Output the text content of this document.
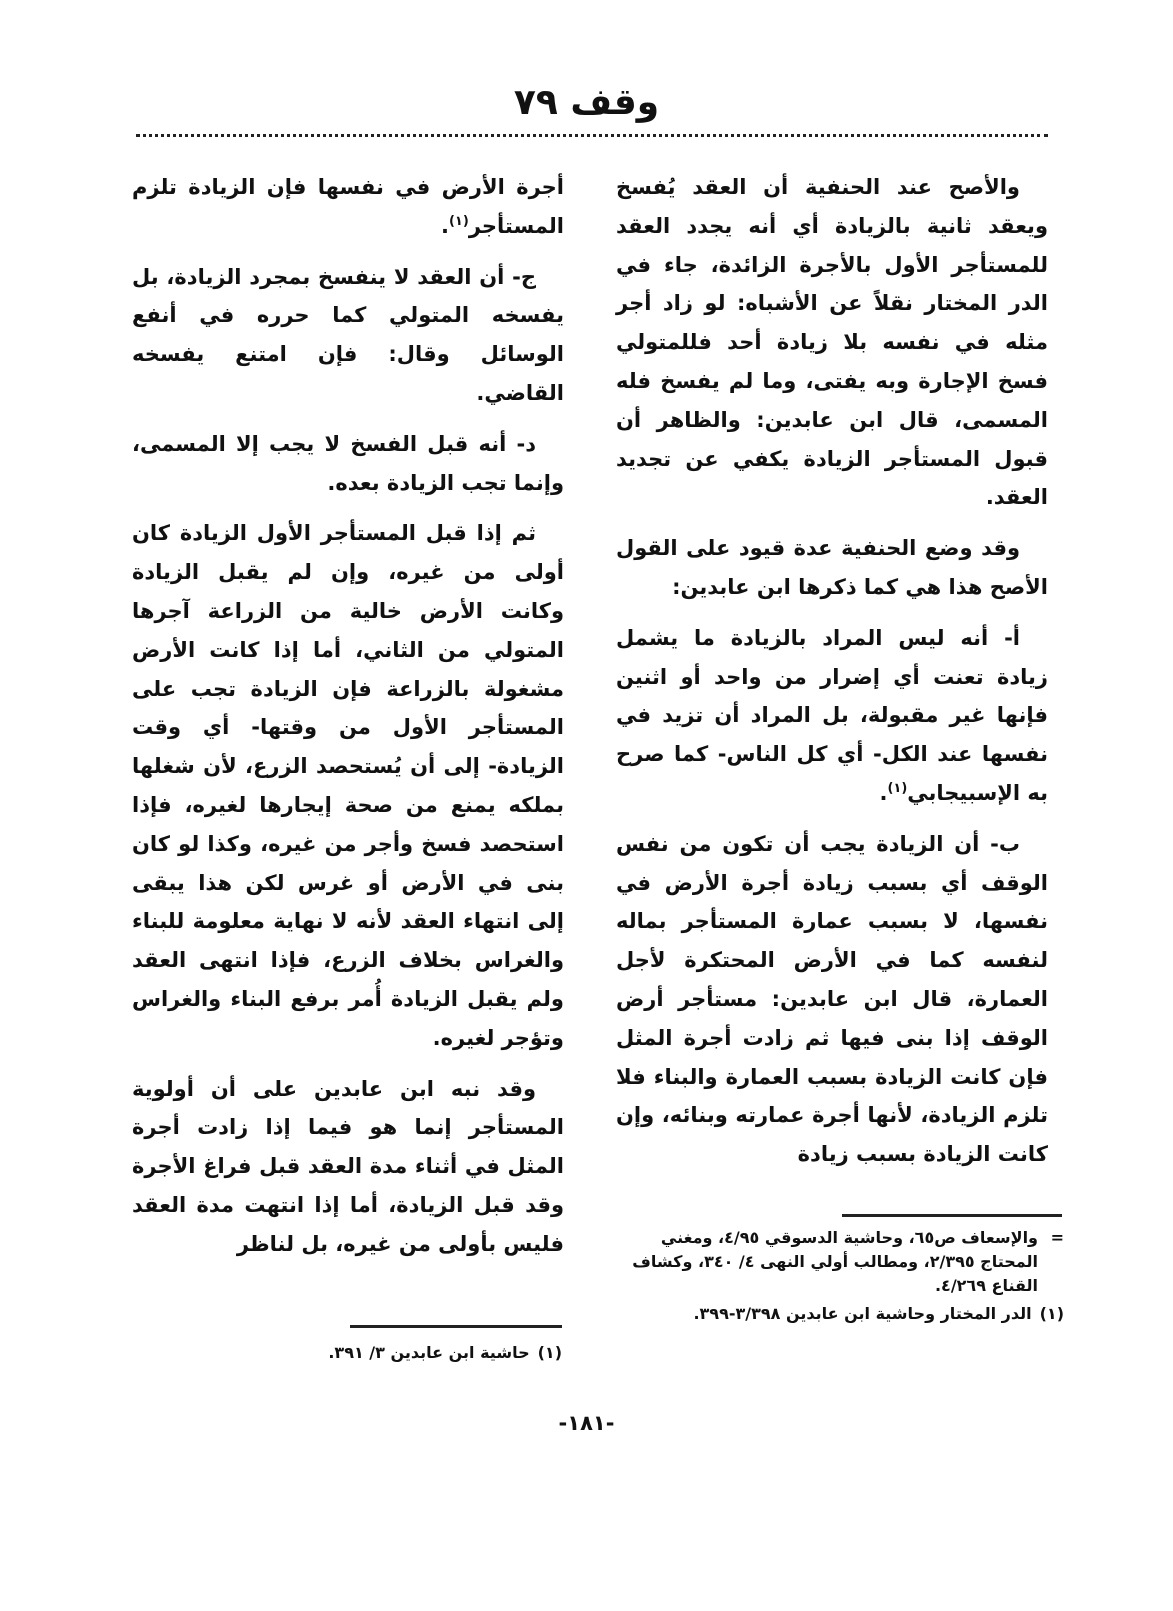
وقف ٧٩

والأصح عند الحنفية أن العقد يُفسخ ويعقد ثانية بالزيادة أي أنه يجدد العقد للمستأجر الأول بالأجرة الزائدة، جاء في الدر المختار نقلاً عن الأشباه: لو زاد أجر مثله في نفسه بلا زيادة أحد فللمتولي فسخ الإجارة وبه يفتى، وما لم يفسخ فله المسمى، قال ابن عابدين: والظاهر أن قبول المستأجر الزيادة يكفي عن تجديد العقد.

وقد وضع الحنفية عدة قيود على القول الأصح هذا هي كما ذكرها ابن عابدين:

أ- أنه ليس المراد بالزيادة ما يشمل زيادة تعنت أي إضرار من واحد أو اثنين فإنها غير مقبولة، بل المراد أن تزيد في نفسها عند الكل- أي كل الناس- كما صرح به الإسبيجابي$^{(١)}$.

ب- أن الزيادة يجب أن تكون من نفس الوقف أي بسبب زيادة أجرة الأرض في نفسها، لا بسبب عمارة المستأجر بماله لنفسه كما في الأرض المحتكرة لأجل العمارة، قال ابن عابدين: مستأجر أرض الوقف إذا بنى فيها ثم زادت أجرة المثل فإن كانت الزيادة بسبب العمارة والبناء فلا تلزم الزيادة، لأنها أجرة عمارته وبنائه، وإن كانت الزيادة بسبب زيادة

أجرة الأرض في نفسها فإن الزيادة تلزم المستأجر$^{(١)}$.

ج- أن العقد لا ينفسخ بمجرد الزيادة، بل يفسخه المتولي كما حرره في أنفع الوسائل وقال: فإن امتنع يفسخه القاضي.

د- أنه قبل الفسخ لا يجب إلا المسمى، وإنما تجب الزيادة بعده.

ثم إذا قبل المستأجر الأول الزيادة كان أولى من غيره، وإن لم يقبل الزيادة وكانت الأرض خالية من الزراعة آجرها المتولي من الثاني، أما إذا كانت الأرض مشغولة بالزراعة فإن الزيادة تجب على المستأجر الأول من وقتها- أي وقت الزيادة- إلى أن يُستحصد الزرع، لأن شغلها بملكه يمنع من صحة إيجارها لغيره، فإذا استحصد فسخ وأجر من غيره، وكذا لو كان بنى في الأرض أو غرس لكن هذا يبقى إلى انتهاء العقد لأنه لا نهاية معلومة للبناء والغراس بخلاف الزرع، فإذا انتهى العقد ولم يقبل الزيادة أُمر برفع البناء والغراس وتؤجر لغيره.

وقد نبه ابن عابدين على أن أولوية المستأجر إنما هو فيما إذا زادت أجرة المثل في أثناء مدة العقد قبل فراغ الأجرة وقد قبل الزيادة، أما إذا انتهت مدة العقد فليس بأولى من غيره، بل لناظر	=
والإسعاف ص٦٥، وحاشية الدسوقي ٤/٩٥، ومغني المحتاج ٢/٣٩٥، ومطالب أولي النهى ٤/ ٣٤٠، وكشاف القناع ٤/٢٦٩.
(١)الدر المختار وحاشية ابن عابدين ٣/٣٩٨-٣٩٩.
(١)حاشية ابن عابدين ٣/ ٣٩١.
-١٨١-
